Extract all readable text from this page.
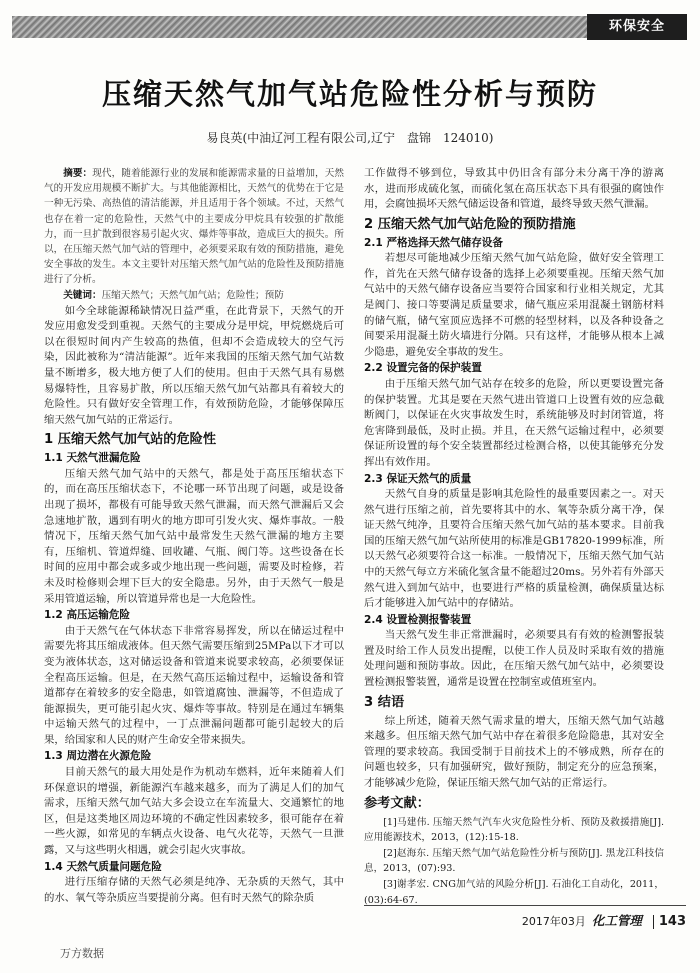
环保安全
压缩天然气加气站危险性分析与预防
易良英(中油辽河工程有限公司,辽宁　盘锦　124010)

摘要：现代，随着能源行业的发展和能源需求量的日益增加，天然气的开发应用规模不断扩大。与其他能源相比，天然气的优势在于它是一种无污染、高热值的清洁能源，并且适用于各个领域。不过，天然气也存在着一定的危险性，天然气中的主要成分甲烷具有较强的扩散能力，而一旦扩散到很容易引起火灾、爆炸等事故，造成巨大的损失。所以，在压缩天然气加气站的管理中，必须要采取有效的预防措施，避免安全事故的发生。本文主要针对压缩天然气加气站的危险性及预防措施进行了分析。

关键词：压缩天然气；天然气加气站；危险性；预防

如今全球能源稀缺情况日益严重，在此背景下，天然气的开发应用愈发受到重视。天然气的主要成分是甲烷，甲烷燃烧后可以在很短时间内产生较高的热值，但却不会造成较大的空气污染，因此被称为“清洁能源”。近年来我国的压缩天然气加气站数量不断增多，极大地方便了人们的使用。但由于天然气具有易燃易爆特性，且容易扩散，所以压缩天然气加气站都具有着较大的危险性。只有做好安全管理工作，有效预防危险，才能够保障压缩天然气加气站的正常运行。

1 压缩天然气加气站的危险性
1.1 天然气泄漏危险

压缩天然气加气站中的天然气，都是处于高压压缩状态下的，而在高压压缩状态下，不论哪一环节出现了问题，或是设备出现了损坏，都极有可能导致天然气泄漏，而天然气泄漏后又会急速地扩散，遇到有明火的地方即可引发火灾、爆炸事故。一般情况下，压缩天然气加气站中最常发生天然气泄漏的地方主要有，压缩机、管道焊缝、回收罐、气瓶、阀门等。这些设备在长时间的应用中都会或多或少地出现一些问题，需要及时检修，若未及时检修则会埋下巨大的安全隐患。另外，由于天然气一般是采用管道运输，所以管道异常也是一大危险性。

1.2 高压运输危险

由于天然气在气体状态下非常容易挥发，所以在储运过程中需要先将其压缩成液体。但天然气需要压缩到25MPa以下才可以变为液体状态，这对储运设备和管道来说要求较高，必须要保证全程高压运输。但是，在天然气高压运输过程中，运输设备和管道都存在着较多的安全隐患，如管道腐蚀、泄漏等，不但造成了能源损失，更可能引起火灾、爆炸等事故。特别是在通过车辆集中运输天然气的过程中，一丁点泄漏问题都可能引起较大的后果，给国家和人民的财产生命安全带来损失。

1.3 周边潜在火源危险

目前天然气的最大用处是作为机动车燃料，近年来随着人们环保意识的增强，新能源汽车越来越多，而为了满足人们的加气需求，压缩天然气加气站大多会设立在车流量大、交通繁忙的地区，但是这类地区周边环境的不确定性因素较多，很可能存在着一些火源，如常见的车辆点火设备、电气火花等，天然气一旦泄露，又与这些明火相遇，就会引起火灾事故。

1.4 天然气质量问题危险

进行压缩存储的天然气必须是纯净、无杂质的天然气，其中的水、氧气等杂质应当要提前分离。但有时天然气的除杂质

工作做得不够到位，导致其中仍旧含有部分未分离干净的游离水，进而形成硫化氢，而硫化氢在高压状态下具有很强的腐蚀作用，会腐蚀损坏天然气储运设备和管道，最终导致天然气泄漏。

2 压缩天然气加气站危险的预防措施
2.1 严格选择天然气储存设备

若想尽可能地减少压缩天然气加气站危险，做好安全管理工作，首先在天然气储存设备的选择上必须要重视。压缩天然气加气站中的天然气储存设备应当要符合国家和行业相关规定，尤其是阀门、接口等要满足质量要求，储气瓶应采用混凝土钢筋材料的储气瓶，储气室顶应选择不可燃的轻型材料，以及各种设备之间要采用混凝土防火墙进行分隔。只有这样，才能够从根本上减少隐患，避免安全事故的发生。

2.2 设置完备的保护装置

由于压缩天然气加气站存在较多的危险，所以更要设置完备的保护装置。尤其是要在天然气进出管道口上设置有效的应急截断阀门，以保证在火灾事故发生时，系统能够及时封闭管道，将危害降到最低，及时止损。并且，在天然气运输过程中，必须要保证所设置的每个安全装置都经过检测合格，以使其能够充分发挥出有效作用。

2.3 保证天然气的质量

天然气自身的质量是影响其危险性的最重要因素之一。对天然气进行压缩之前，首先要将其中的水、氧等杂质分离干净，保证天然气纯净，且要符合压缩天然气加气站的基本要求。目前我国的压缩天然气加气站所使用的标准是GB17820-1999标准，所以天然气必须要符合这一标准。一般情况下，压缩天然气加气站中的天然气每立方米硫化氢含量不能超过20ms。另外若有外部天然气进入到加气站中，也要进行严格的质量检测，确保质量达标后才能够进入加气站中的存储站。

2.4 设置检测报警装置

当天然气发生非正常泄漏时，必须要具有有效的检测警报装置及时给工作人员发出提醒，以使工作人员及时采取有效的措施处理问题和预防事故。因此，在压缩天然气加气站中，必须要设置检测报警装置，通常是设置在控制室或值班室内。

3 结语

综上所述，随着天然气需求量的增大，压缩天然气加气站越来越多。但压缩天然气加气站中存在着很多危险隐患，其对安全管理的要求较高。我国受制于目前技术上的不够成熟，所存在的问题也较多，只有加强研究，做好预防，制定充分的应急预案，才能够减少危险，保证压缩天然气加气站的正常运行。

参考文献：

[1]马建伟. 压缩天然气汽车火灾危险性分析、预防及救援措施[J]. 应用能源技术，2013，(12):15-18.

[2]赵海东. 压缩天然气加气站危险性分析与预防[J]. 黑龙江科技信息，2013，(07):93.

[3]谢孝宏. CNG加气站的风险分析[J]. 石油化工自动化，2011，(03):64-67.

2017年03月 化工管理 143
万方数据
